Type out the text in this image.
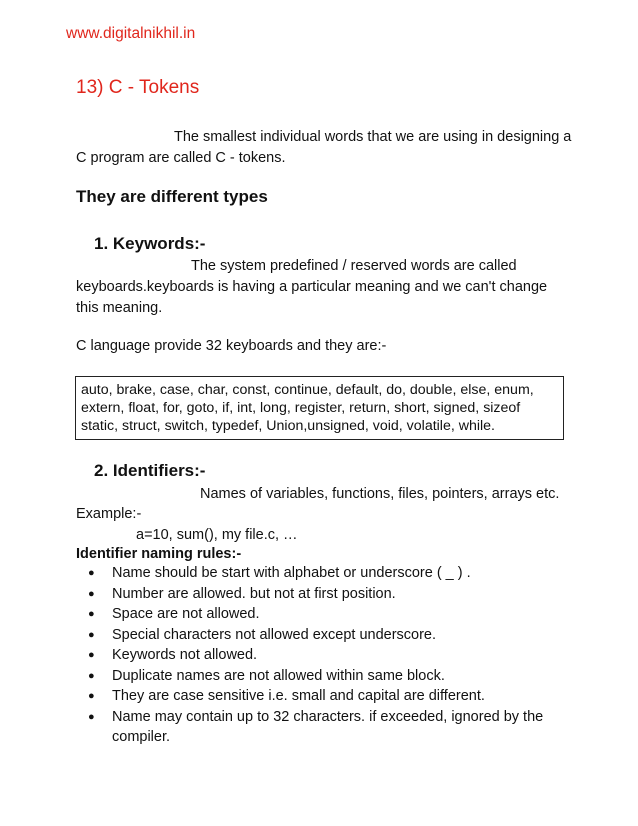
www.digitalnikhil.in
13) C - Tokens

The smallest individual words that we are using in designing a C program are called C - tokens.

They are different types
1. Keywords:-

The system predefined / reserved words are called keyboards.keyboards is having a particular meaning and we can't change this meaning.

C language provide 32 keyboards and they are:-

auto, brake, case, char, const, continue, default, do, double, else, enum,
extern, float, for, goto, if, int, long, register, return, short, signed, sizeof
static, struct, switch, typedef, Union,unsigned, void, volatile, while.
2. Identifiers:-

Names of variables, functions, files, pointers, arrays etc.

Example:-

a=10, sum(), my file.c, …

Identifier naming rules:-

● Name should be start with alphabet or underscore ( _ ) .
● Number are allowed. but not at first position.
● Space are not allowed.
● Special characters not allowed except underscore.
● Keywords not allowed.
● Duplicate names are not allowed within same block.
● They are case sensitive i.e. small and capital are different.
● Name may contain up to 32 characters. if exceeded, ignored by the compiler.
